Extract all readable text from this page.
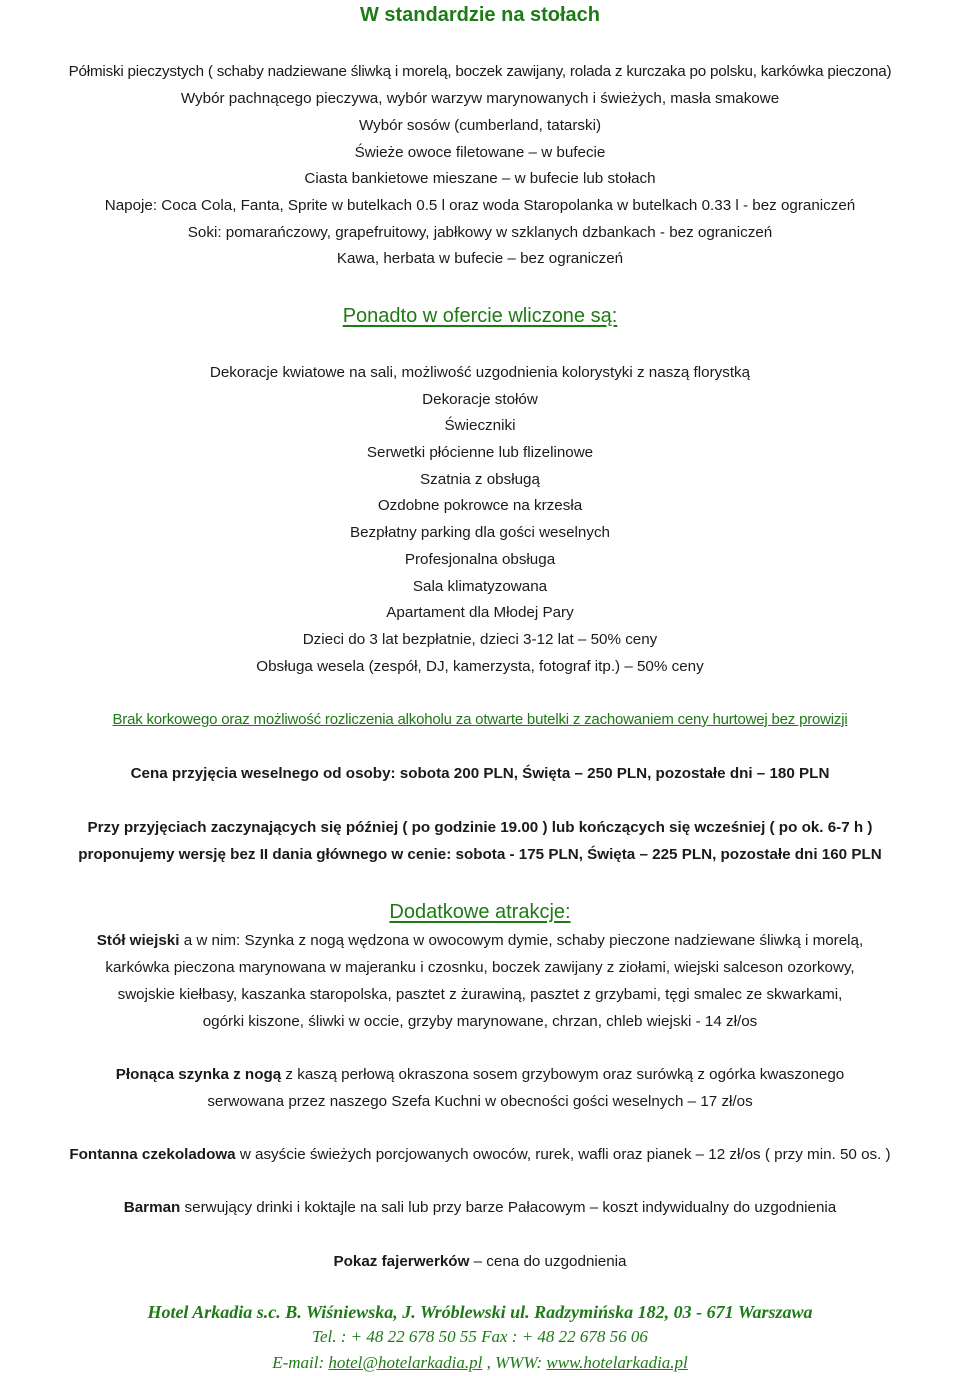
W standardzie na stołach
Półmiski pieczystych ( schaby nadziewane śliwką i morelą, boczek zawijany, rolada z kurczaka po polsku, karkówka pieczona)
Wybór pachnącego pieczywa, wybór warzyw marynowanych i świeżych, masła smakowe
Wybór sosów (cumberland, tatarski)
Świeże owoce filetowane – w bufecie
Ciasta bankietowe mieszane – w bufecie lub stołach
Napoje: Coca Cola, Fanta, Sprite w butelkach 0.5 l oraz woda Staropolanka w butelkach 0.33 l - bez ograniczeń
Soki: pomarańczowy, grapefruitowy, jabłkowy w szklanych dzbankach - bez ograniczeń
Kawa, herbata w bufecie – bez ograniczeń
Ponadto w ofercie wliczone są:
Dekoracje kwiatowe na sali, możliwość uzgodnienia kolorystyki z naszą florystką
Dekoracje stołów
Świeczniki
Serwetki płócienne lub flizelinowe
Szatnia z obsługą
Ozdobne pokrowce na krzesła
Bezpłatny parking dla gości weselnych
Profesjonalna obsługa
Sala klimatyzowana
Apartament dla Młodej Pary
Dzieci do 3 lat bezpłatnie, dzieci 3-12 lat – 50% ceny
Obsługa wesela (zespół, DJ, kamerzysta, fotograf itp.) – 50% ceny
Brak korkowego oraz możliwość rozliczenia alkoholu za otwarte butelki z zachowaniem ceny hurtowej bez prowizji
Cena przyjęcia weselnego od osoby: sobota 200 PLN, Święta – 250 PLN, pozostałe dni – 180 PLN
Przy przyjęciach zaczynających się później ( po godzinie 19.00 ) lub kończących się wcześniej ( po ok. 6-7 h )
proponujemy wersję bez II dania głównego w cenie: sobota - 175 PLN, Święta – 225 PLN, pozostałe dni 160 PLN
Dodatkowe atrakcje:
Stół wiejski a w nim: Szynka z nogą wędzona w owocowym dymie, schaby pieczone nadziewane śliwką i morelą,
karkówka pieczona marynowana w majeranku i czosnku, boczek zawijany z ziołami, wiejski salceson ozorkowy,
swojskie kiełbasy, kaszanka staropolska, pasztet z żurawiną, pasztet z grzybami, tęgi smalec ze skwarkami,
ogórki kiszone, śliwki w occie, grzyby marynowane, chrzan, chleb wiejski - 14 zł/os
Płonąca szynka z nogą z kaszą perłową okraszona sosem grzybowym oraz surówką z ogórka kwaszonego
serwowana przez naszego Szefa Kuchni w obecności gości weselnych – 17 zł/os
Fontanna czekoladowa w asyście świeżych porcjowanych owoców, rurek, wafli oraz pianek – 12 zł/os ( przy min. 50 os. )
Barman serwujący drinki i koktajle na sali lub przy barze Pałacowym – koszt indywidualny do uzgodnienia
Pokaz fajerwerków – cena do uzgodnienia
Hotel Arkadia s.c. B. Wiśniewska, J. Wróblewski ul. Radzymińska 182, 03 - 671 Warszawa
Tel. : + 48 22 678 50 55 Fax : + 48 22 678 56 06
E-mail: hotel@hotelarkadia.pl , WWW: www.hotelarkadia.pl
